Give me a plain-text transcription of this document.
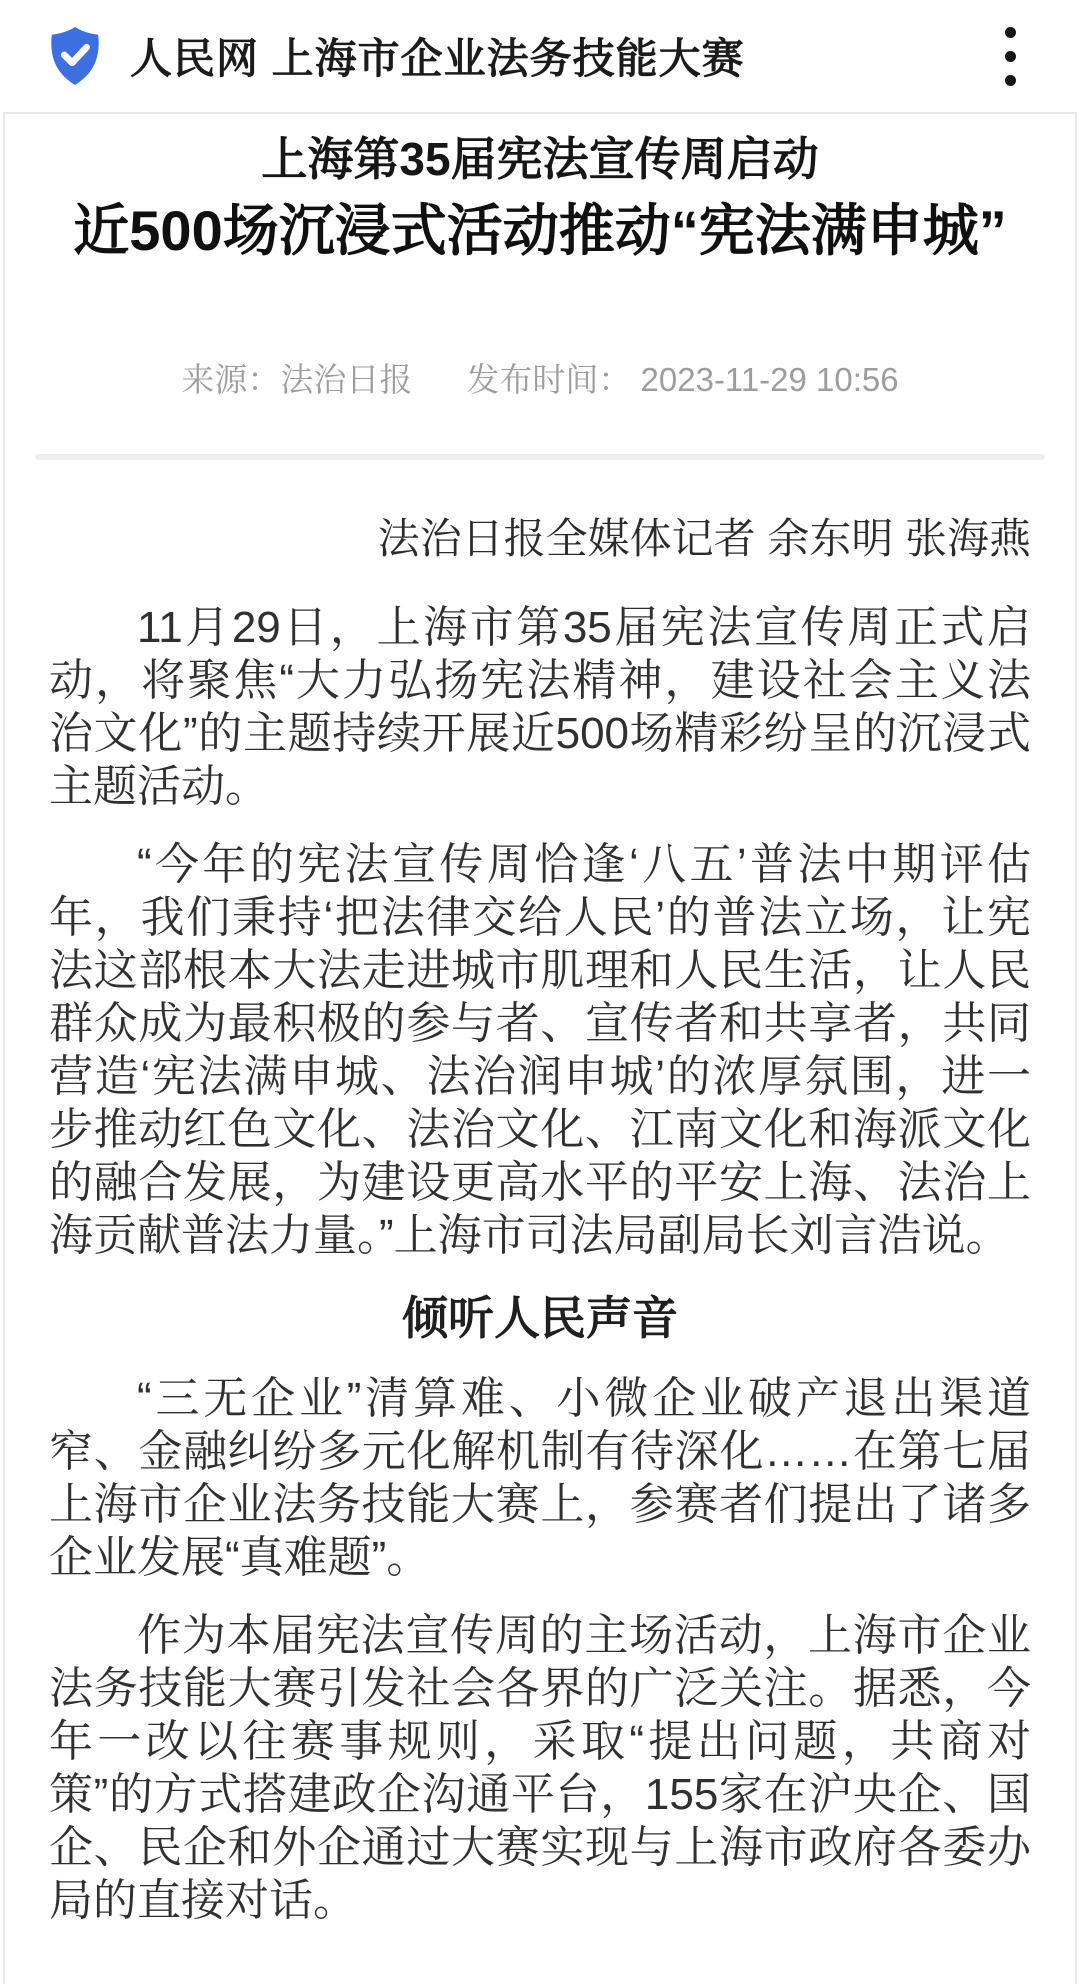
人民网 上海市企业法务技能大赛
上海第35届宪法宣传周启动
近500场沉浸式活动推动“宪法满申城”
来源：法治日报 发布时间： 2023-11-29 10:56
法治日报全媒体记者 余东明 张海燕

11月29日，上海市第35届宪法宣传周正式启动，将聚焦“大力弘扬宪法精神，建设社会主义法治文化”的主题持续开展近500场精彩纷呈的沉浸式主题活动。

“今年的宪法宣传周恰逢‘八五’普法中期评估年，我们秉持‘把法律交给人民’的普法立场，让宪法这部根本大法走进城市肌理和人民生活，让人民群众成为最积极的参与者、宣传者和共享者，共同营造‘宪法满申城、法治润申城’的浓厚氛围，进一步推动红色文化、法治文化、江南文化和海派文化的融合发展，为建设更高水平的平安上海、法治上海贡献普法力量。”上海市司法局副局长刘言浩说。

倾听人民声音

“三无企业”清算难、小微企业破产退出渠道窄、金融纠纷多元化解机制有待深化……在第七届上海市企业法务技能大赛上，参赛者们提出了诸多企业发展“真难题”。

作为本届宪法宣传周的主场活动，上海市企业法务技能大赛引发社会各界的广泛关注。据悉，今年一改以往赛事规则，采取“提出问题，共商对策”的方式搭建政企沟通平台，155家在沪央企、国企、民企和外企通过大赛实现与上海市政府各委办局的直接对话。
